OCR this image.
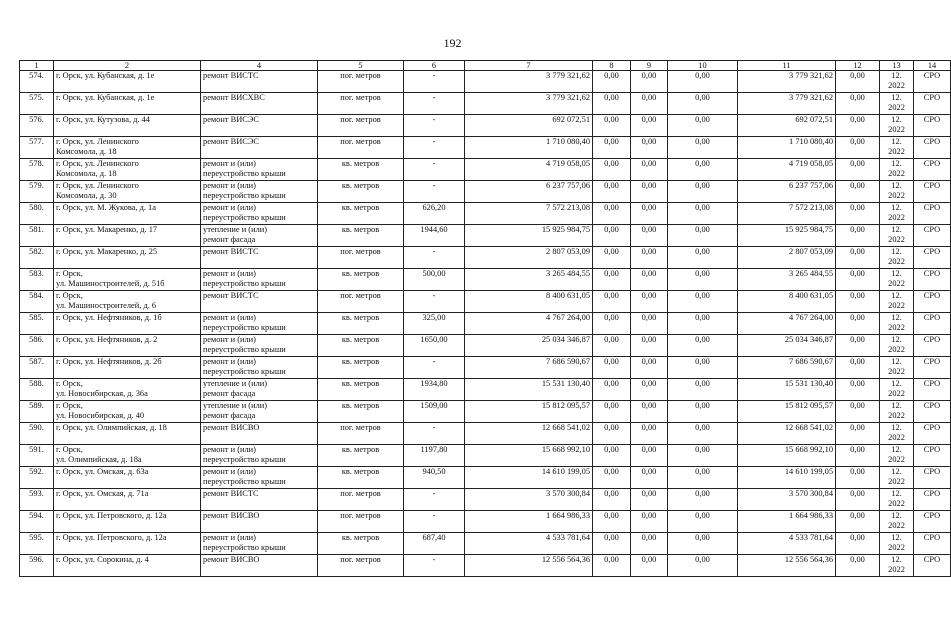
192
1	2	4	5	6	7	8	9	10	11	12	13	14
574.	г. Орск, ул. Кубанская, д. 1е	ремонт ВИСТС	пог. метров	-	3 779 321,62	0,00	0,00	0,00	3 779 321,62	0,00	12.
2022	СРО
575.	г. Орск, ул. Кубанская, д. 1е	ремонт ВИСХВС	пог. метров	-	3 779 321,62	0,00	0,00	0,00	3 779 321,62	0,00	12.
2022	СРО
576.	г. Орск, ул. Кутузова, д. 44	ремонт ВИСЭС	пог. метров	-	692 072,51	0,00	0,00	0,00	692 072,51	0,00	12.
2022	СРО
577.	г. Орск, ул. Ленинского
Комсомола, д. 18	ремонт ВИСЭС	пог. метров	-	1 710 080,40	0,00	0,00	0,00	1 710 080,40	0,00	12.
2022	СРО
578.	г. Орск, ул. Ленинского
Комсомола, д. 18	ремонт и (или)
переустройство крыши	кв. метров	-	4 719 058,05	0,00	0,00	0,00	4 719 058,05	0,00	12.
2022	СРО
579.	г. Орск, ул. Ленинского
Комсомола, д. 30	ремонт и (или)
переустройство крыши	кв. метров	-	6 237 757,06	0,00	0,00	0,00	6 237 757,06	0,00	12.
2022	СРО
580.	г. Орск, ул. М. Жукова, д. 1а	ремонт и (или)
переустройство крыши	кв. метров	626,20	7 572 213,08	0,00	0,00	0,00	7 572 213,08	0,00	12.
2022	СРО
581.	г. Орск, ул. Макаренко, д. 17	утепление и (или)
ремонт фасада	кв. метров	1944,60	15 925 984,75	0,00	0,00	0,00	15 925 984,75	0,00	12.
2022	СРО
582.	г. Орск, ул. Макаренко, д. 25	ремонт ВИСТС	пог. метров	-	2 807 053,09	0,00	0,00	0,00	2 807 053,09	0,00	12.
2022	СРО
583.	г. Орск,
ул. Машиностроителей, д. 51б	ремонт и (или)
переустройство крыши	кв. метров	500,00	3 265 484,55	0,00	0,00	0,00	3 265 484,55	0,00	12.
2022	СРО
584.	г. Орск,
ул. Машиностроителей, д. 6	ремонт ВИСТС	пог. метров	-	8 400 631,05	0,00	0,00	0,00	8 400 631,05	0,00	12.
2022	СРО
585.	г. Орск, ул. Нефтяников, д. 1б	ремонт и (или)
переустройство крыши	кв. метров	325,00	4 767 264,00	0,00	0,00	0,00	4 767 264,00	0,00	12.
2022	СРО
586.	г. Орск, ул. Нефтяников, д. 2	ремонт и (или)
переустройство крыши	кв. метров	1650,00	25 034 346,87	0,00	0,00	0,00	25 034 346,87	0,00	12.
2022	СРО
587.	г. Орск, ул. Нефтяников, д. 2б	ремонт и (или)
переустройство крыши	кв. метров	-	7 686 590,67	0,00	0,00	0,00	7 686 590,67	0,00	12.
2022	СРО
588.	г. Орск,
ул. Новосибирская, д. 36а	утепление и (или)
ремонт фасада	кв. метров	1934,80	15 531 130,40	0,00	0,00	0,00	15 531 130,40	0,00	12.
2022	СРО
589.	г. Орск,
ул. Новосибирская, д. 40	утепление и (или)
ремонт фасада	кв. метров	1509,00	15 812 095,57	0,00	0,00	0,00	15 812 095,57	0,00	12.
2022	СРО
590.	г. Орск, ул. Олимпийская, д. 18	ремонт ВИСВО	пог. метров	-	12 668 541,02	0,00	0,00	0,00	12 668 541,02	0,00	12.
2022	СРО
591.	г. Орск,
ул. Олимпийская, д. 18а	ремонт и (или)
переустройство крыши	кв. метров	1197,80	15 668 992,10	0,00	0,00	0,00	15 668 992,10	0,00	12.
2022	СРО
592.	г. Орск, ул. Омская, д. 63а	ремонт и (или)
переустройство крыши	кв. метров	940,50	14 610 199,05	0,00	0,00	0,00	14 610 199,05	0,00	12.
2022	СРО
593.	г. Орск, ул. Омская, д. 71а	ремонт ВИСТС	пог. метров	-	3 570 300,84	0,00	0,00	0,00	3 570 300,84	0,00	12.
2022	СРО
594.	г. Орск, ул. Петровского, д. 12а	ремонт ВИСВО	пог. метров	-	1 664 986,33	0,00	0,00	0,00	1 664 986,33	0,00	12.
2022	СРО
595.	г. Орск, ул. Петровского, д. 12а	ремонт и (или)
переустройство крыши	кв. метров	687,40	4 533 781,64	0,00	0,00	0,00	4 533 781,64	0,00	12.
2022	СРО
596.	г. Орск, ул. Сорокина, д. 4	ремонт ВИСВО	пог. метров	-	12 556 564,36	0,00	0,00	0,00	12 556 564,36	0,00	12.
2022	СРО
